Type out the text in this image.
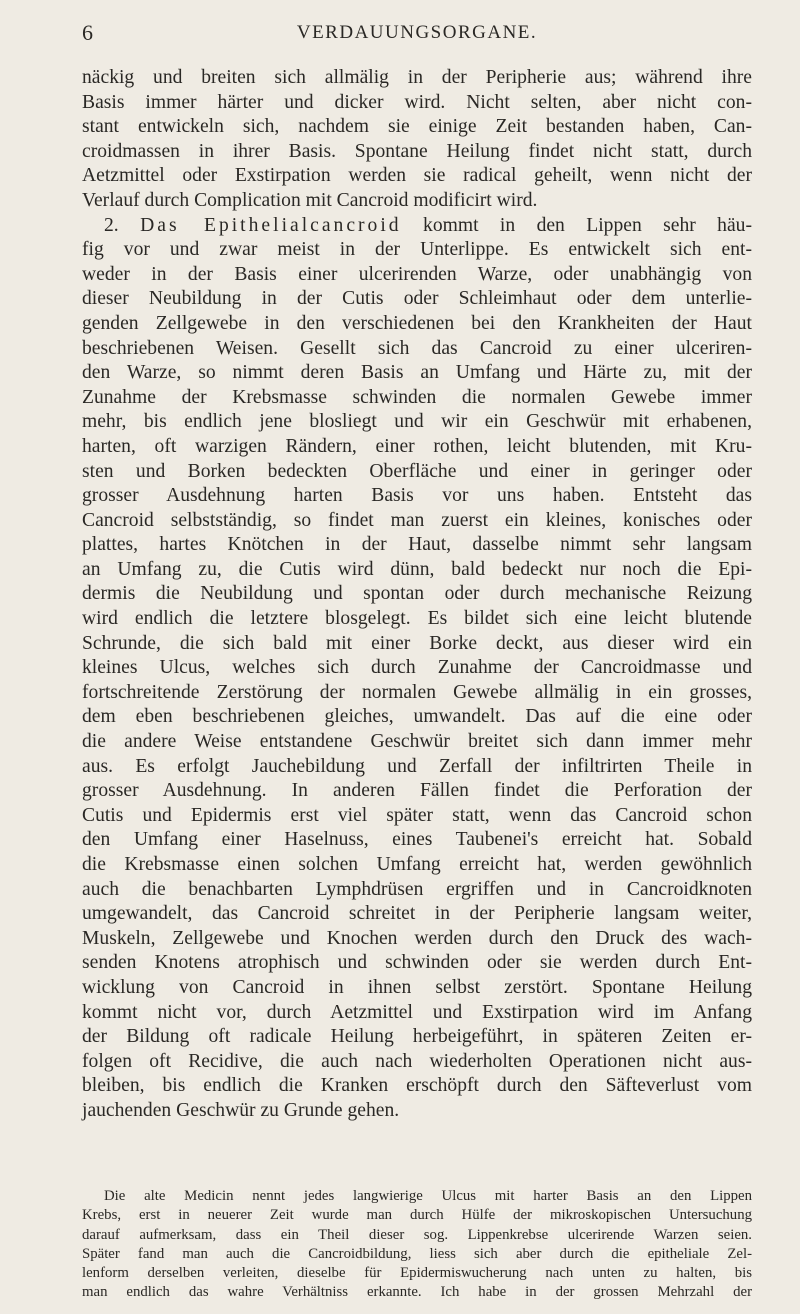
6	VERDAUUNGSORGANE.
näckig und breiten sich allmälig in der Peripherie aus; während ihre
Basis immer härter und dicker wird. Nicht selten, aber nicht con-
stant entwickeln sich, nachdem sie einige Zeit bestanden haben, Can-
croidmassen in ihrer Basis. Spontane Heilung findet nicht statt, durch
Aetzmittel oder Exstirpation werden sie radical geheilt, wenn nicht der
Verlauf durch Complication mit Cancroid modificirt wird.
2. Das Epithelialcancroid kommt in den Lippen sehr häu-
fig vor und zwar meist in der Unterlippe. Es entwickelt sich ent-
weder in der Basis einer ulcerirenden Warze, oder unabhängig von
dieser Neubildung in der Cutis oder Schleimhaut oder dem unterlie-
genden Zellgewebe in den verschiedenen bei den Krankheiten der Haut
beschriebenen Weisen. Gesellt sich das Cancroid zu einer ulceriren-
den Warze, so nimmt deren Basis an Umfang und Härte zu, mit der
Zunahme der Krebsmasse schwinden die normalen Gewebe immer
mehr, bis endlich jene blosliegt und wir ein Geschwür mit erhabenen,
harten, oft warzigen Rändern, einer rothen, leicht blutenden, mit Kru-
sten und Borken bedeckten Oberfläche und einer in geringer oder
grosser Ausdehnung harten Basis vor uns haben. Entsteht das
Cancroid selbstständig, so findet man zuerst ein kleines, konisches oder
plattes, hartes Knötchen in der Haut, dasselbe nimmt sehr langsam
an Umfang zu, die Cutis wird dünn, bald bedeckt nur noch die Epi-
dermis die Neubildung und spontan oder durch mechanische Reizung
wird endlich die letztere blosgelegt. Es bildet sich eine leicht blutende
Schrunde, die sich bald mit einer Borke deckt, aus dieser wird ein
kleines Ulcus, welches sich durch Zunahme der Cancroidmasse und
fortschreitende Zerstörung der normalen Gewebe allmälig in ein grosses,
dem eben beschriebenen gleiches, umwandelt. Das auf die eine oder
die andere Weise entstandene Geschwür breitet sich dann immer mehr
aus. Es erfolgt Jauchebildung und Zerfall der infiltrirten Theile in
grosser Ausdehnung. In anderen Fällen findet die Perforation der
Cutis und Epidermis erst viel später statt, wenn das Cancroid schon
den Umfang einer Haselnuss, eines Taubenei's erreicht hat. Sobald
die Krebsmasse einen solchen Umfang erreicht hat, werden gewöhnlich
auch die benachbarten Lymphdrüsen ergriffen und in Cancroidknoten
umgewandelt, das Cancroid schreitet in der Peripherie langsam weiter,
Muskeln, Zellgewebe und Knochen werden durch den Druck des wach-
senden Knotens atrophisch und schwinden oder sie werden durch Ent-
wicklung von Cancroid in ihnen selbst zerstört. Spontane Heilung
kommt nicht vor, durch Aetzmittel und Exstirpation wird im Anfang
der Bildung oft radicale Heilung herbeigeführt, in späteren Zeiten er-
folgen oft Recidive, die auch nach wiederholten Operationen nicht aus-
bleiben, bis endlich die Kranken erschöpft durch den Säfteverlust vom
jauchenden Geschwür zu Grunde gehen.
Die alte Medicin nennt jedes langwierige Ulcus mit harter Basis an den Lippen
Krebs, erst in neuerer Zeit wurde man durch Hülfe der mikroskopischen Untersuchung
darauf aufmerksam, dass ein Theil dieser sog. Lippenkrebse ulcerirende Warzen seien.
Später fand man auch die Cancroidbildung, liess sich aber durch die epitheliale Zel-
lenform derselben verleiten, dieselbe für Epidermiswucherung nach unten zu halten, bis
man endlich das wahre Verhältniss erkannte. Ich habe in der grossen Mehrzahl der
